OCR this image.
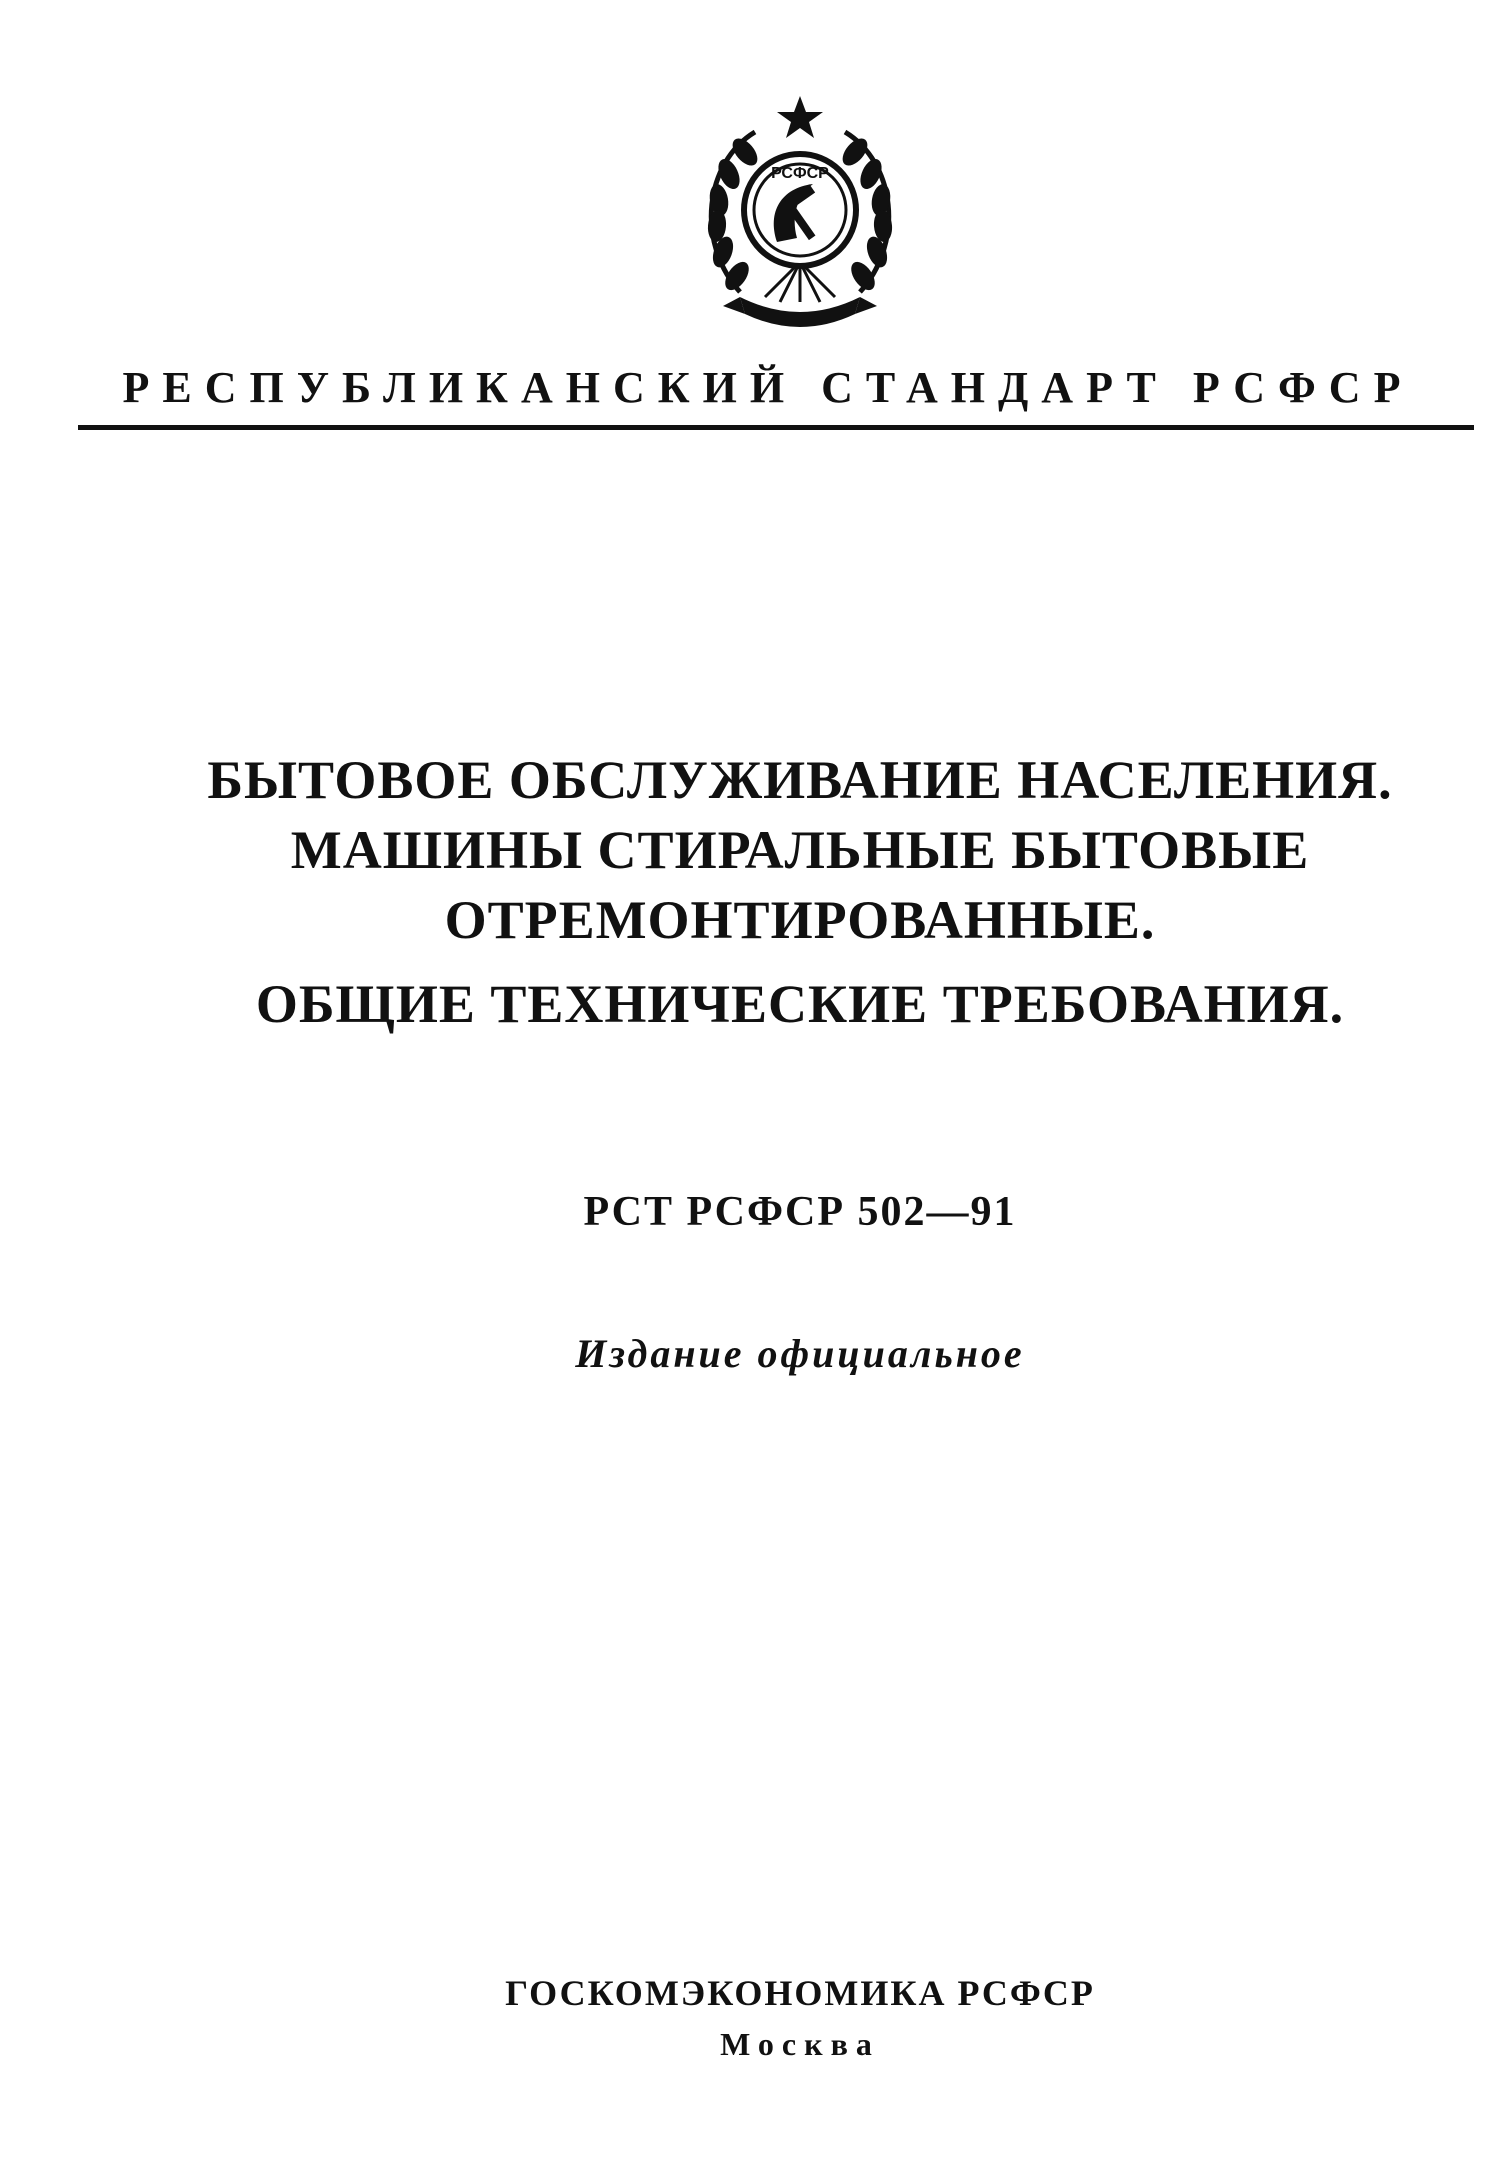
РСФСР
РЕСПУБЛИКАНСКИЙ СТАНДАРТ РСФСР
БЫТОВОЕ ОБСЛУЖИВАНИЕ НАСЕЛЕНИЯ.
МАШИНЫ СТИРАЛЬНЫЕ БЫТОВЫЕ
ОТРЕМОНТИРОВАННЫЕ.
ОБЩИЕ ТЕХНИЧЕСКИЕ ТРЕБОВАНИЯ.
РСТ РСФСР 502—91
Издание официальное
ГОСКОМЭКОНОМИКА РСФСР
Москва
